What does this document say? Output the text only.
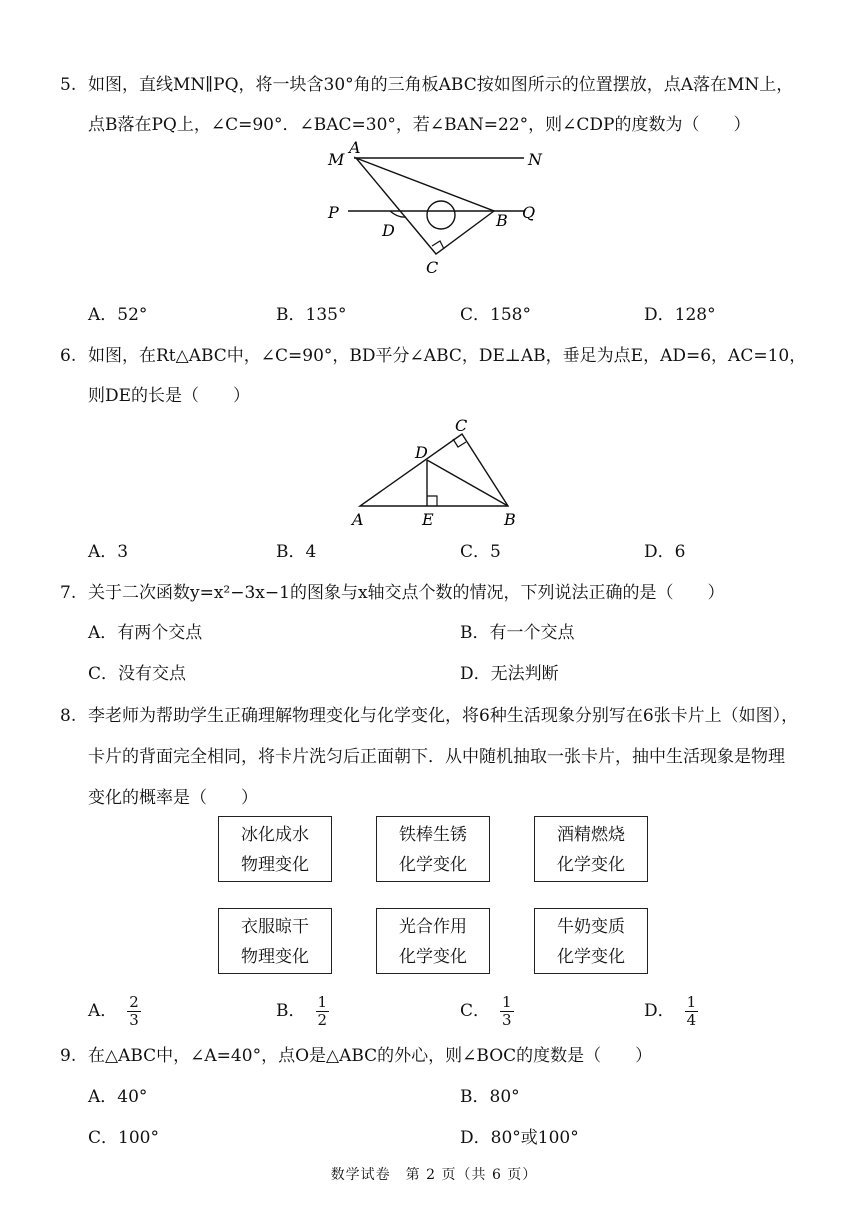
5. 如图，直线MN∥PQ，将一块含30°角的三角板ABC按如图所示的位置摆放，点A落在MN上，
点B落在PQ上，∠C=90°．∠BAC=30°，若∠BAN=22°，则∠CDP的度数为（　　）
M
A
N
P
D
B Q
C
A．52°	B．135°	C．158°	D．128°
6. 如图，在Rt△ABC中，∠C=90°，BD平分∠ABC，DE⊥AB，垂足为点E，AD=6，AC=10，
则DE的长是（　　）
A	E	B
D
C
A．3	B．4	C．5	D．6
7. 关于二次函数y=x²−3x−1的图象与x轴交点个数的情况，下列说法正确的是（　　）
A．有两个交点	B．有一个交点
C．没有交点	D．无法判断
8. 李老师为帮助学生正确理解物理变化与化学变化，将6种生活现象分别写在6张卡片上（如图），
卡片的背面完全相同，将卡片洗匀后正面朝下．从中随机抽取一张卡片，抽中生活现象是物理
变化的概率是（　　）
冰化成水
物理变化
铁棒生锈
化学变化
酒精燃烧
化学变化
衣服晾干
物理变化
光合作用
化学变化
牛奶变质
化学变化
A． $\frac{2}{3}$	B． $\frac{1}{2}$	C． $\frac{1}{3}$	D． $\frac{1}{4}$
9. 在△ABC中，∠A=40°，点O是△ABC的外心，则∠BOC的度数是（　　）
A．40°	B．80°
C．100°	D．80°或100°
数学试卷　第 2 页（共 6 页）
